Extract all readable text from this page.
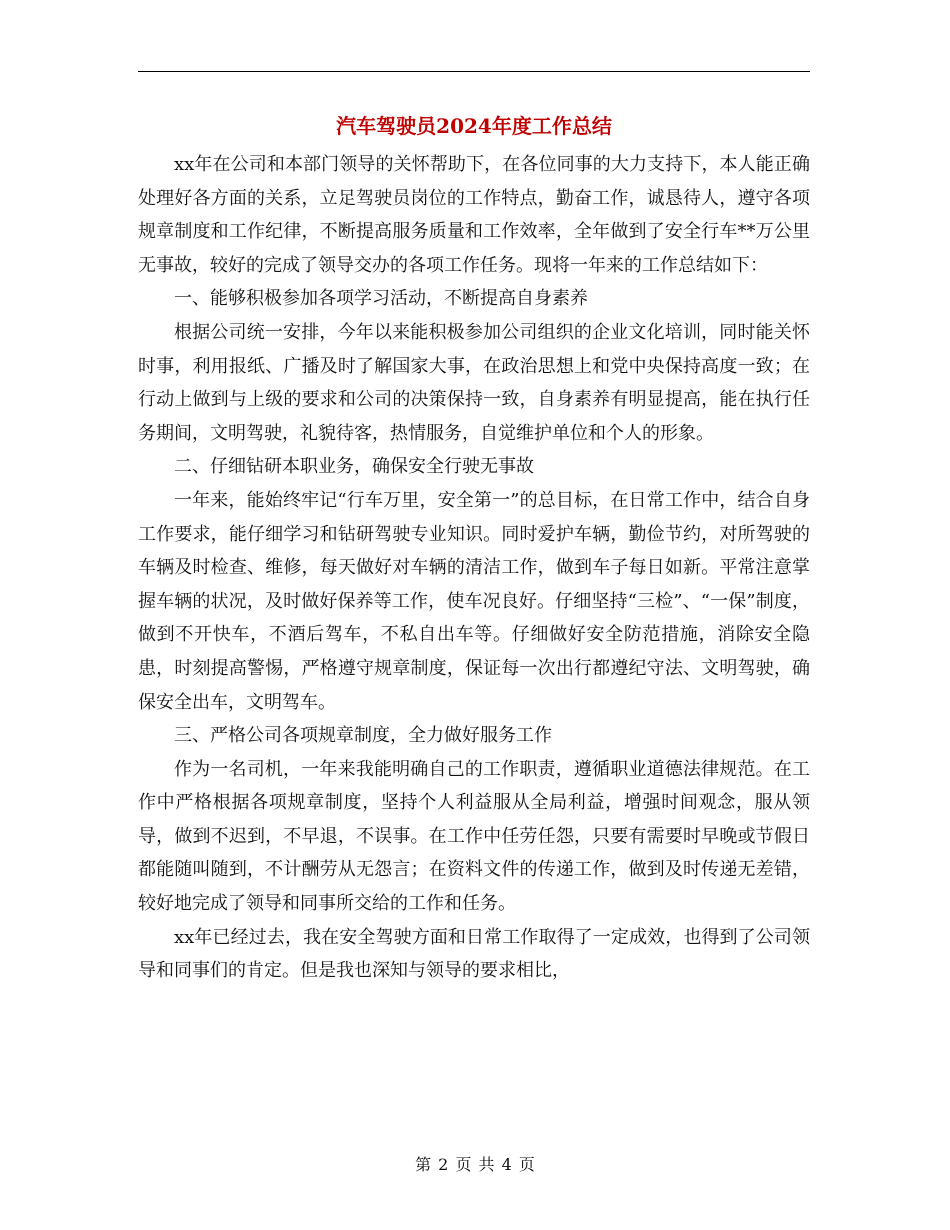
汽车驾驶员2024年度工作总结

xx年在公司和本部门领导的关怀帮助下，在各位同事的大力支持下，本人能正确处理好各方面的关系，立足驾驶员岗位的工作特点，勤奋工作，诚恳待人，遵守各项规章制度和工作纪律，不断提高服务质量和工作效率，全年做到了安全行车**万公里无事故，较好的完成了领导交办的各项工作任务。现将一年来的工作总结如下：

一、能够积极参加各项学习活动，不断提高自身素养

根据公司统一安排，今年以来能积极参加公司组织的企业文化培训，同时能关怀时事，利用报纸、广播及时了解国家大事，在政治思想上和党中央保持高度一致；在行动上做到与上级的要求和公司的决策保持一致，自身素养有明显提高，能在执行任务期间，文明驾驶，礼貌待客，热情服务，自觉维护单位和个人的形象。

二、仔细钻研本职业务，确保安全行驶无事故

一年来，能始终牢记“行车万里，安全第一”的总目标，在日常工作中，结合自身工作要求，能仔细学习和钻研驾驶专业知识。同时爱护车辆，勤俭节约，对所驾驶的车辆及时检查、维修，每天做好对车辆的清洁工作，做到车子每日如新。平常注意掌握车辆的状况，及时做好保养等工作，使车况良好。仔细坚持“三检”、“一保”制度，做到不开快车，不酒后驾车，不私自出车等。仔细做好安全防范措施，消除安全隐患，时刻提高警惕，严格遵守规章制度，保证每一次出行都遵纪守法、文明驾驶，确保安全出车，文明驾车。

三、严格公司各项规章制度，全力做好服务工作

作为一名司机，一年来我能明确自己的工作职责，遵循职业道德法律规范。在工作中严格根据各项规章制度，坚持个人利益服从全局利益，增强时间观念，服从领导，做到不迟到，不早退，不误事。在工作中任劳任怨，只要有需要时早晚或节假日都能随叫随到，不计酬劳从无怨言；在资料文件的传递工作，做到及时传递无差错，较好地完成了领导和同事所交给的工作和任务。

xx年已经过去，我在安全驾驶方面和日常工作取得了一定成效，也得到了公司领导和同事们的肯定。但是我也深知与领导的要求相比，

第 2 页 共 4 页
